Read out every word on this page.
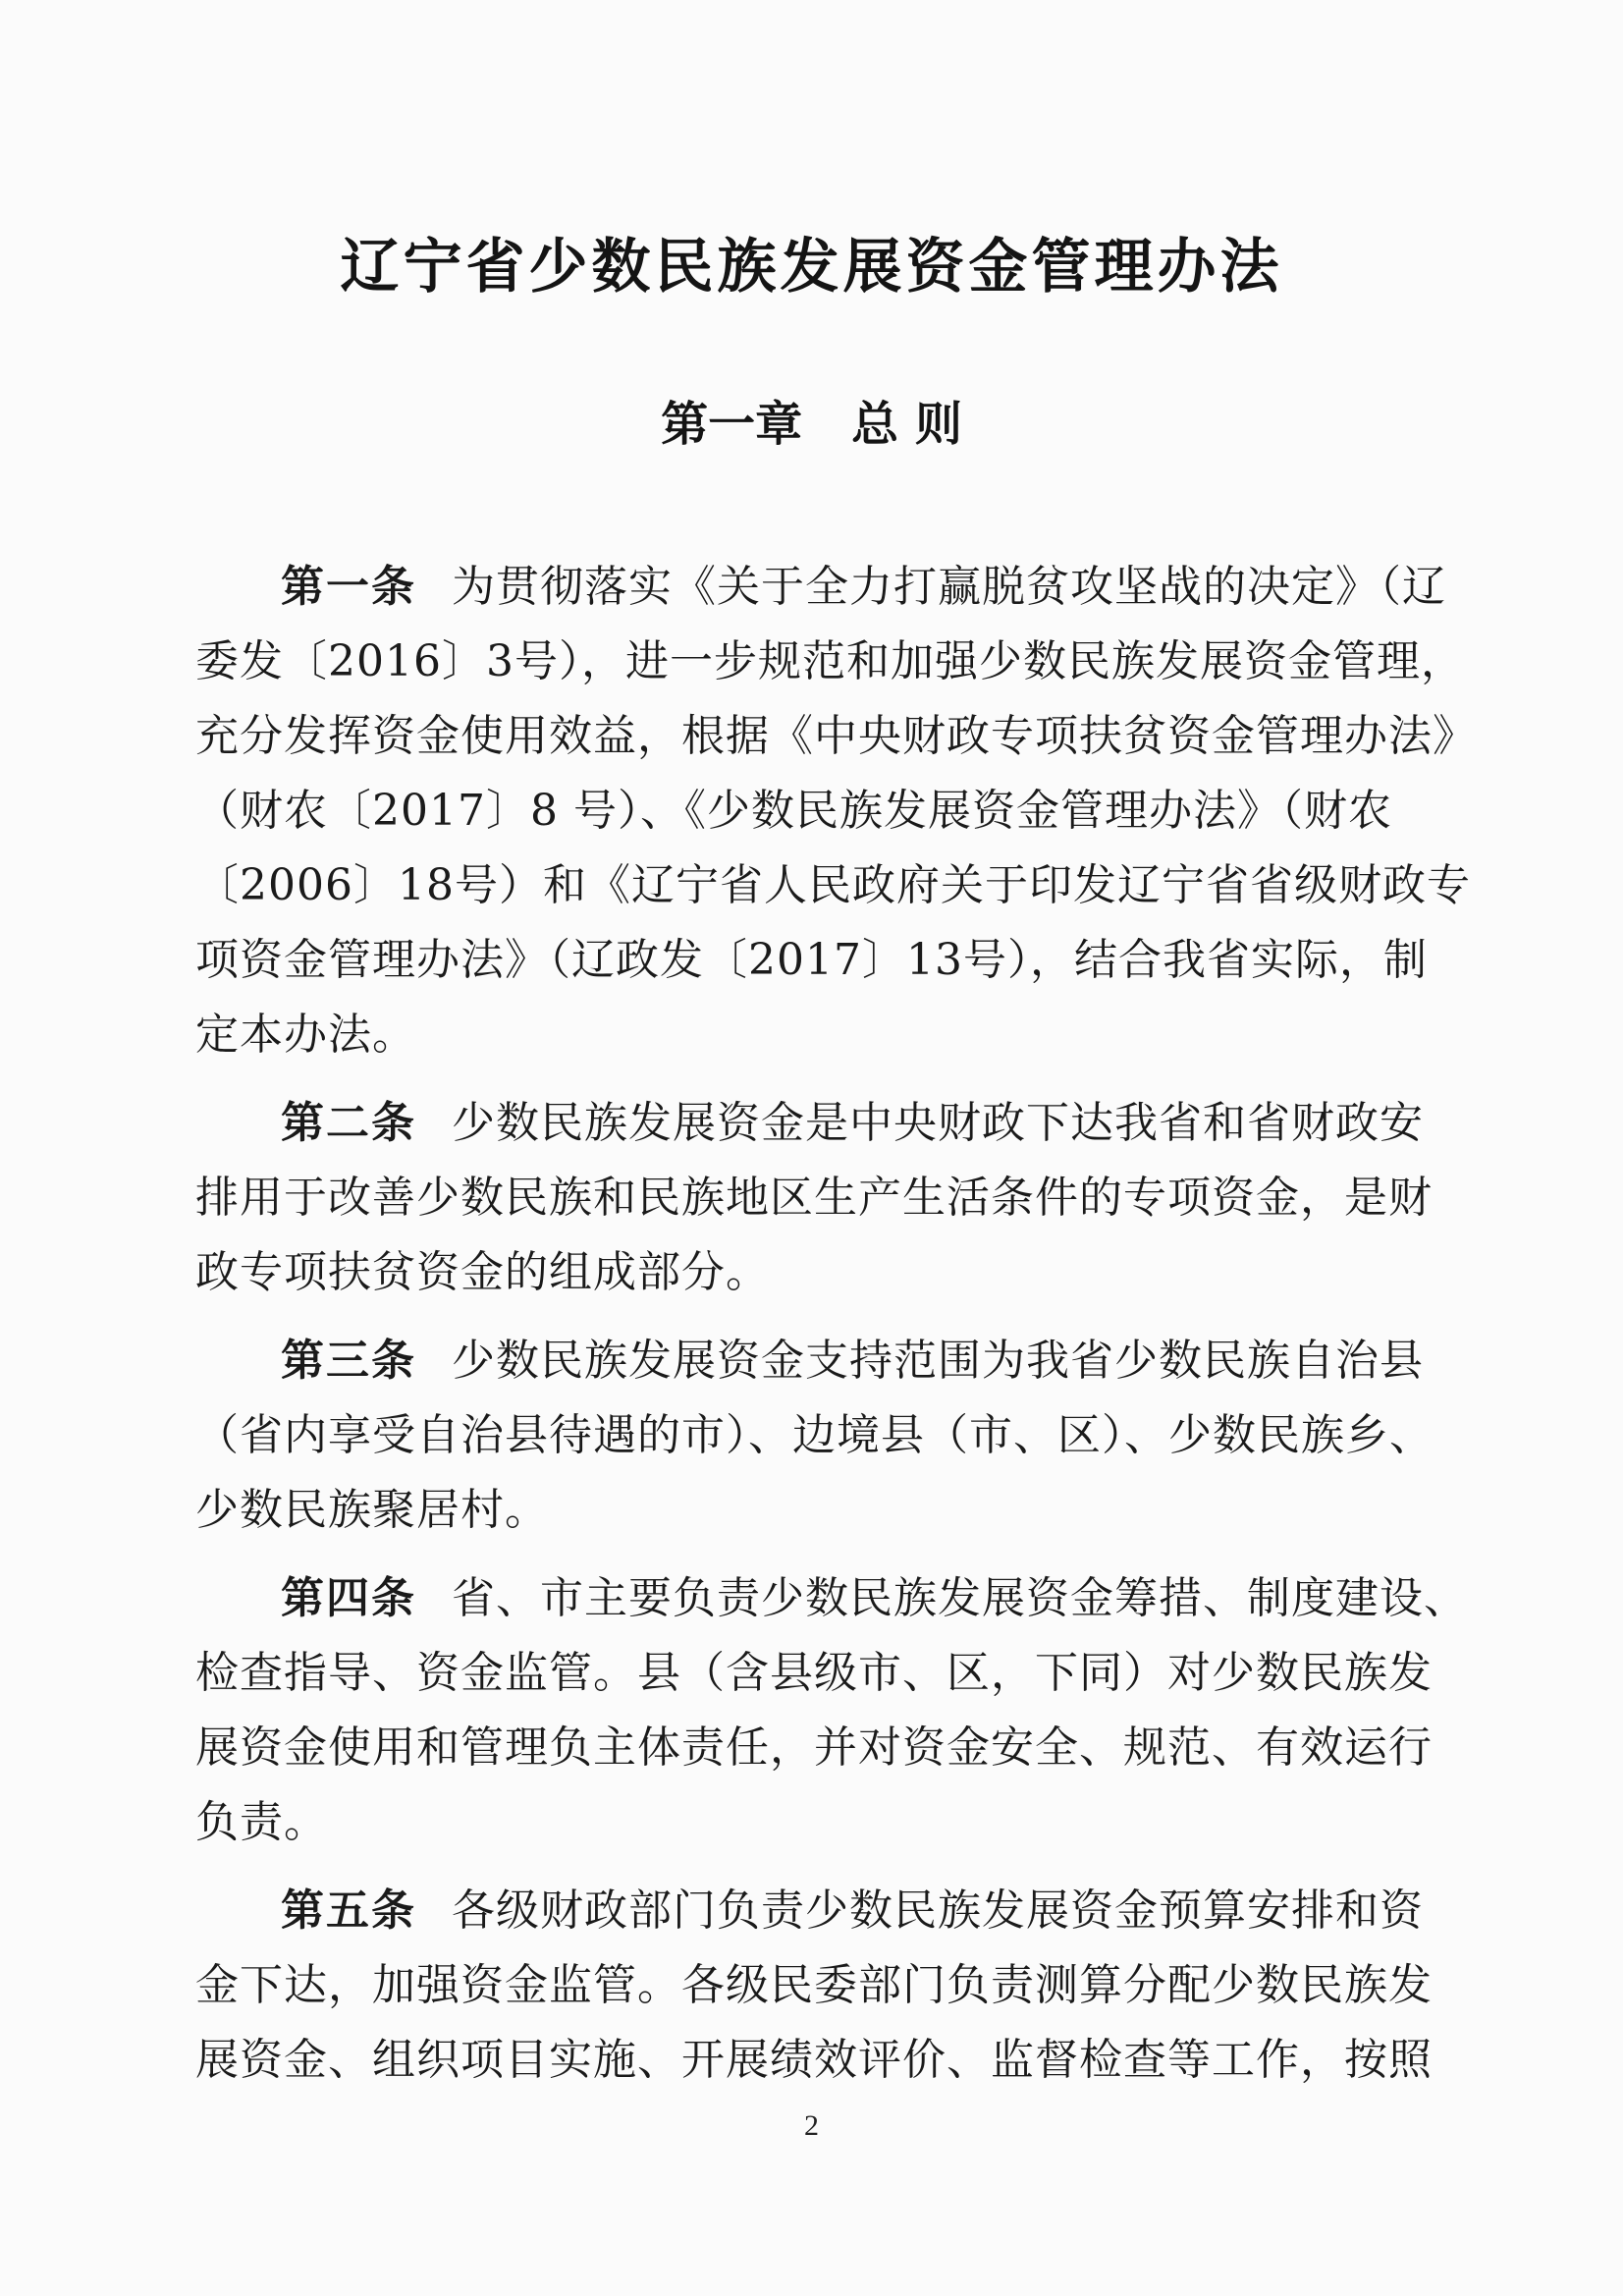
辽宁省少数民族发展资金管理办法
第一章 总 则
第一条 为贯彻落实《关于全力打赢脱贫攻坚战的决定》（辽
委发〔2016〕3号），进一步规范和加强少数民族发展资金管理，
充分发挥资金使用效益，根据《中央财政专项扶贫资金管理办法》
（财农〔2017〕8 号）、《少数民族发展资金管理办法》（财农
〔2006〕18号）和《辽宁省人民政府关于印发辽宁省省级财政专
项资金管理办法》（辽政发〔2017〕13号），结合我省实际，制
定本办法。
第二条 少数民族发展资金是中央财政下达我省和省财政安
排用于改善少数民族和民族地区生产生活条件的专项资金，是财
政专项扶贫资金的组成部分。
第三条 少数民族发展资金支持范围为我省少数民族自治县
（省内享受自治县待遇的市）、边境县（市、区）、少数民族乡、
少数民族聚居村。
第四条 省、市主要负责少数民族发展资金筹措、制度建设、
检查指导、资金监管。县（含县级市、区，下同）对少数民族发
展资金使用和管理负主体责任，并对资金安全、规范、有效运行
负责。
第五条 各级财政部门负责少数民族发展资金预算安排和资
金下达，加强资金监管。各级民委部门负责测算分配少数民族发
展资金、组织项目实施、开展绩效评价、监督检查等工作，按照
2
